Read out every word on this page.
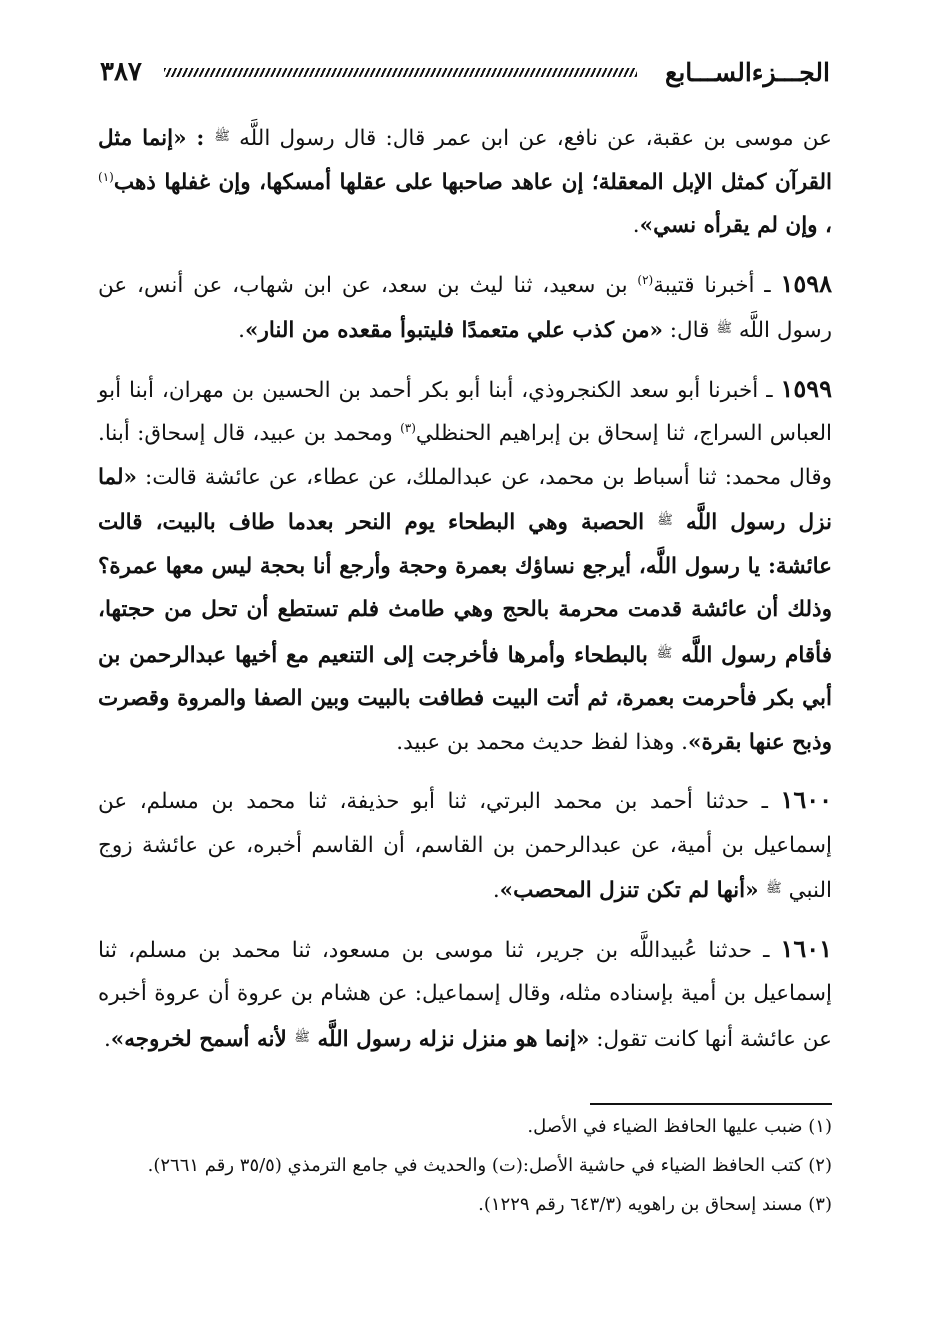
الجـــزءالســـابع
٣٨٧

عن موسى بن عقبة، عن نافع، عن ابن عمر قال: قال رسول اللَّه $^ﷺ$ : «إنما مثل القرآن كمثل الإبل المعقلة؛ إن عاهد صاحبها على عقلها أمسكها، وإن غفلها ذهب$^{(١)}$ ، وإن لم يقرأه نسي».

١٥٩٨ ـ أخبرنا قتيبة$^{(٢)}$ بن سعيد، ثنا ليث بن سعد، عن ابن شهاب، عن أنس، عن رسول اللَّه $^ﷺ$ قال: «من كذب علي متعمدًا فليتبوأ مقعده من النار».

١٥٩٩ ـ أخبرنا أبو سعد الكنجروذي، أبنا أبو بكر أحمد بن الحسين بن مهران، أبنا أبو العباس السراج، ثنا إسحاق بن إبراهيم الحنظلي$^{(٣)}$ ومحمد بن عبيد، قال إسحاق: أبنا. وقال محمد: ثنا أسباط بن محمد، عن عبدالملك، عن عطاء، عن عائشة قالت: «لما نزل رسول اللَّه $^ﷺ$ الحصبة وهي البطحاء يوم النحر بعدما طاف بالبيت، قالت عائشة: يا رسول اللَّه، أيرجع نساؤك بعمرة وحجة وأرجع أنا بحجة ليس معها عمرة؟ وذلك أن عائشة قدمت محرمة بالحج وهي طامث فلم تستطع أن تحل من حجتها، فأقام رسول اللَّه $^ﷺ$ بالبطحاء وأمرها فأخرجت إلى التنعيم مع أخيها عبدالرحمن بن أبي بكر فأحرمت بعمرة، ثم أتت البيت فطافت بالبيت وبين الصفا والمروة وقصرت وذبح عنها بقرة». وهذا لفظ حديث محمد بن عبيد.

١٦٠٠ ـ حدثنا أحمد بن محمد البرتي، ثنا أبو حذيفة، ثنا محمد بن مسلم، عن إسماعيل بن أمية، عن عبدالرحمن بن القاسم، أن القاسم أخبره، عن عائشة زوج النبي $^ﷺ$ «أنها لم تكن تنزل المحصب».

١٦٠١ ـ حدثنا عُبيداللَّه بن جرير، ثنا موسى بن مسعود، ثنا محمد بن مسلم، ثنا إسماعيل بن أمية بإسناده مثله، وقال إسماعيل: عن هشام بن عروة أن عروة أخبره عن عائشة أنها كانت تقول: «إنما هو منزل نزله رسول اللَّه $^ﷺ$ لأنه أسمح لخروجه».

(١) ضبب عليها الحافظ الضياء في الأصل.

(٢) كتب الحافظ الضياء في حاشية الأصل:(ت) والحديث في جامع الترمذي (٣٥/٥ رقم ٢٦٦١).

(٣) مسند إسحاق بن راهويه (٦٤٣/٣ رقم ١٢٢٩).
